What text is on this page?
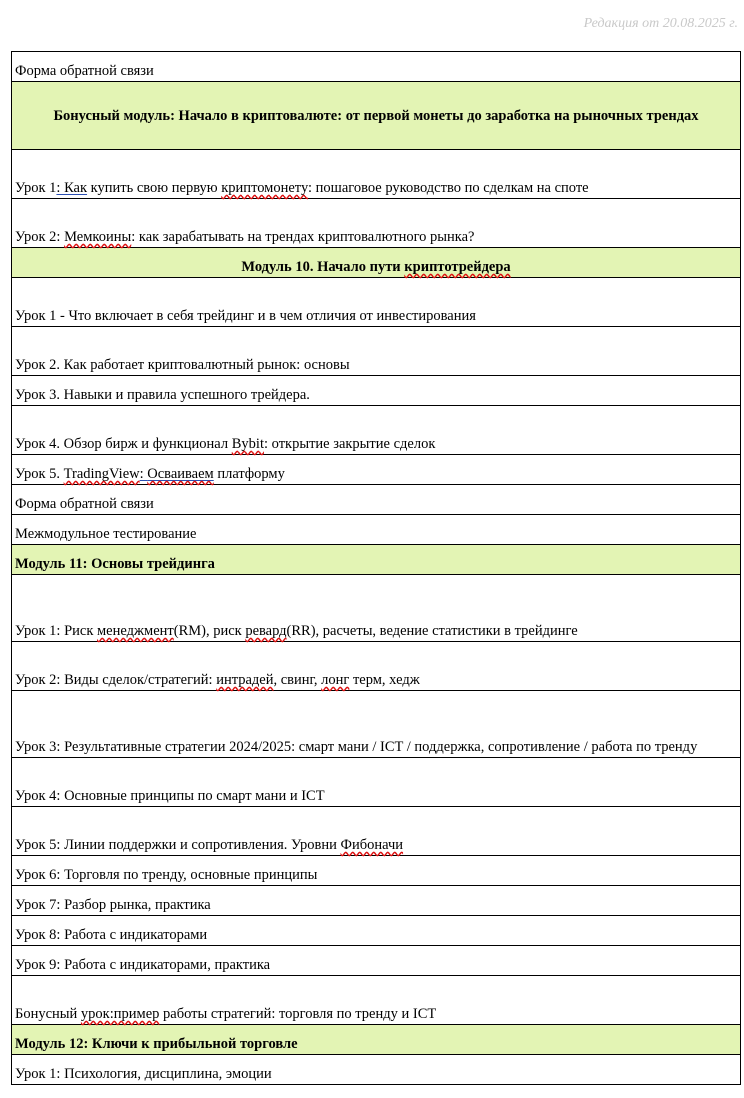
Редакция от 20.08.2025 г.
Форма обратной связи
Бонусный модуль: Начало в криптовалюте: от первой монеты до заработка на рыночных трендах
Урок 1: Как купить свою первую криптомонету: пошаговое руководство по сделкам на споте
Урок 2: Мемкоины: как зарабатывать на трендах криптовалютного рынка?
Модуль 10. Начало пути криптотрейдера
Урок 1 - Что включает в себя трейдинг и в чем отличия от инвестирования
Урок 2. Как работает криптовалютный рынок: основы
Урок 3. Навыки и правила успешного трейдера.
Урок 4. Обзор бирж и функционал Bybit: открытие закрытие сделок
Урок 5. TradingView: Осваиваем платформу
Форма обратной связи
Межмодульное тестирование
Модуль 11: Основы трейдинга
Урок 1: Риск менеджмент(RM), риск ревард(RR), расчеты, ведение статистики в трейдинге
Урок 2: Виды сделок/стратегий: интрадей, свинг, лонг терм, хедж
Урок 3: Результативные стратегии 2024/2025: смарт мани / ICT / поддержка, сопротивление / работа по тренду
Урок 4: Основные принципы по смарт мани и ICT
Урок 5: Линии поддержки и сопротивления. Уровни Фибоначи
Урок 6: Торговля по тренду, основные принципы
Урок 7: Разбор рынка, практика
Урок 8: Работа с индикаторами
Урок 9: Работа с индикаторами, практика
Бонусный урок:пример работы стратегий: торговля по тренду и ICT
Модуль 12: Ключи к прибыльной торговле
Урок 1: Психология, дисциплина, эмоции
